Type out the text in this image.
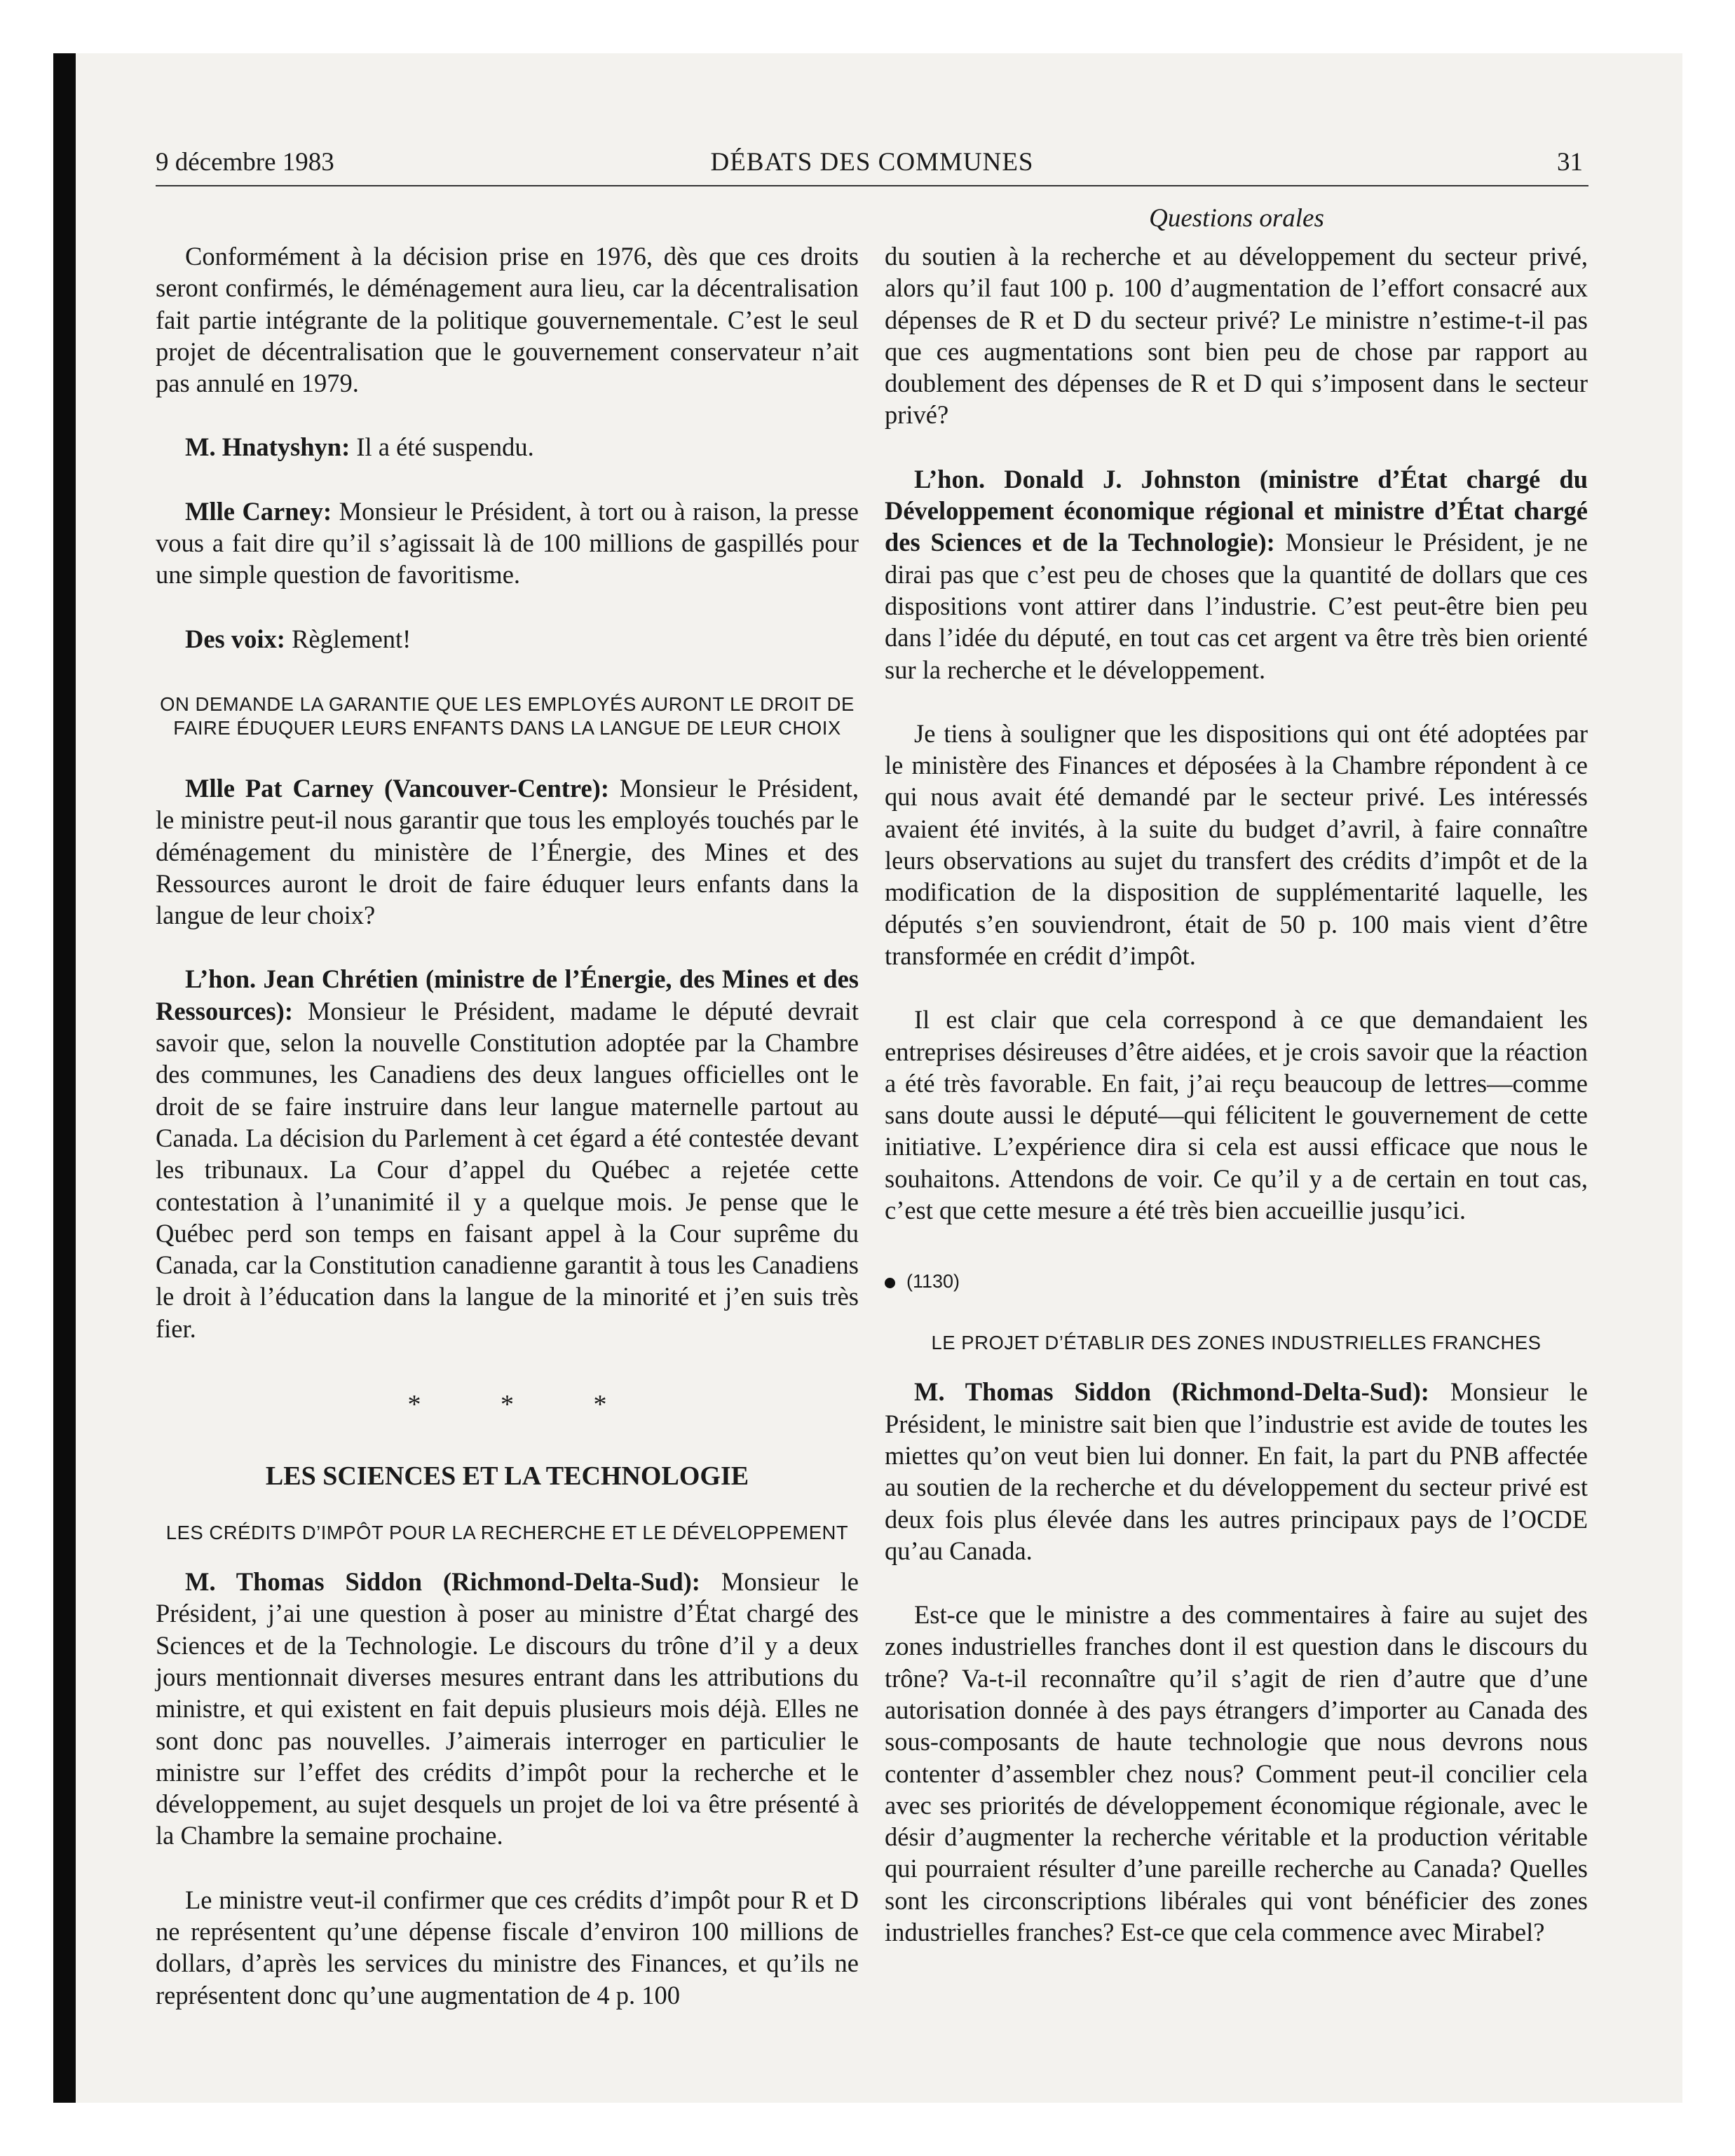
9 décembre 1983	DÉBATS DES COMMUNES	31
Questions orales

Conformément à la décision prise en 1976, dès que ces droits seront confirmés, le déménagement aura lieu, car la décentralisation fait partie intégrante de la politique gouvernementale. C’est le seul projet de décentralisation que le gouvernement conservateur n’ait pas annulé en 1979.

M. Hnatyshyn: Il a été suspendu.

Mlle Carney: Monsieur le Président, à tort ou à raison, la presse vous a fait dire qu’il s’agissait là de 100 millions de gaspillés pour une simple question de favoritisme.

Des voix: Règlement!

ON DEMANDE LA GARANTIE QUE LES EMPLOYÉS AURONT LE DROIT DE FAIRE ÉDUQUER LEURS ENFANTS DANS LA LANGUE DE LEUR CHOIX

Mlle Pat Carney (Vancouver-Centre): Monsieur le Président, le ministre peut-il nous garantir que tous les employés touchés par le déménagement du ministère de l’Énergie, des Mines et des Ressources auront le droit de faire éduquer leurs enfants dans la langue de leur choix?

L’hon. Jean Chrétien (ministre de l’Énergie, des Mines et des Ressources): Monsieur le Président, madame le député devrait savoir que, selon la nouvelle Constitution adoptée par la Chambre des communes, les Canadiens des deux langues officielles ont le droit de se faire instruire dans leur langue maternelle partout au Canada. La décision du Parlement à cet égard a été contestée devant les tribunaux. La Cour d’appel du Québec a rejetée cette contestation à l’unanimité il y a quelque mois. Je pense que le Québec perd son temps en faisant appel à la Cour suprême du Canada, car la Constitution canadienne garantit à tous les Canadiens le droit à l’éducation dans la langue de la minorité et j’en suis très fier.

* * *

LES SCIENCES ET LA TECHNOLOGIE

LES CRÉDITS D’IMPÔT POUR LA RECHERCHE ET LE DÉVELOPPEMENT

M. Thomas Siddon (Richmond-Delta-Sud): Monsieur le Président, j’ai une question à poser au ministre d’État chargé des Sciences et de la Technologie. Le discours du trône d’il y a deux jours mentionnait diverses mesures entrant dans les attributions du ministre, et qui existent en fait depuis plusieurs mois déjà. Elles ne sont donc pas nouvelles. J’aimerais interroger en particulier le ministre sur l’effet des crédits d’impôt pour la recherche et le développement, au sujet desquels un projet de loi va être présenté à la Chambre la semaine prochaine.

Le ministre veut-il confirmer que ces crédits d’impôt pour R et D ne représentent qu’une dépense fiscale d’environ 100 millions de dollars, d’après les services du ministre des Finances, et qu’ils ne représentent donc qu’une augmentation de 4 p. 100

du soutien à la recherche et au développement du secteur privé, alors qu’il faut 100 p. 100 d’augmentation de l’effort consacré aux dépenses de R et D du secteur privé? Le ministre n’estime-t-il pas que ces augmentations sont bien peu de chose par rapport au doublement des dépenses de R et D qui s’imposent dans le secteur privé?

L’hon. Donald J. Johnston (ministre d’État chargé du Développement économique régional et ministre d’État chargé des Sciences et de la Technologie): Monsieur le Président, je ne dirai pas que c’est peu de choses que la quantité de dollars que ces dispositions vont attirer dans l’industrie. C’est peut-être bien peu dans l’idée du député, en tout cas cet argent va être très bien orienté sur la recherche et le développement.

Je tiens à souligner que les dispositions qui ont été adoptées par le ministère des Finances et déposées à la Chambre répondent à ce qui nous avait été demandé par le secteur privé. Les intéressés avaient été invités, à la suite du budget d’avril, à faire connaître leurs observations au sujet du transfert des crédits d’impôt et de la modification de la disposition de supplémentarité laquelle, les députés s’en souviendront, était de 50 p. 100 mais vient d’être transformée en crédit d’impôt.

Il est clair que cela correspond à ce que demandaient les entreprises désireuses d’être aidées, et je crois savoir que la réaction a été très favorable. En fait, j’ai reçu beaucoup de lettres—comme sans doute aussi le député—qui félicitent le gouvernement de cette initiative. L’expérience dira si cela est aussi efficace que nous le souhaitons. Attendons de voir. Ce qu’il y a de certain en tout cas, c’est que cette mesure a été très bien accueillie jusqu’ici.

(1130)

LE PROJET D’ÉTABLIR DES ZONES INDUSTRIELLES FRANCHES

M. Thomas Siddon (Richmond-Delta-Sud): Monsieur le Président, le ministre sait bien que l’industrie est avide de toutes les miettes qu’on veut bien lui donner. En fait, la part du PNB affectée au soutien de la recherche et du développement du secteur privé est deux fois plus élevée dans les autres principaux pays de l’OCDE qu’au Canada.

Est-ce que le ministre a des commentaires à faire au sujet des zones industrielles franches dont il est question dans le discours du trône? Va-t-il reconnaître qu’il s’agit de rien d’autre que d’une autorisation donnée à des pays étrangers d’importer au Canada des sous-composants de haute technologie que nous devrons nous contenter d’assembler chez nous? Comment peut-il concilier cela avec ses priorités de développement économique régionale, avec le désir d’augmenter la recherche véritable et la production véritable qui pourraient résulter d’une pareille recherche au Canada? Quelles sont les circonscriptions libérales qui vont bénéficier des zones industrielles franches? Est-ce que cela commence avec Mirabel?
